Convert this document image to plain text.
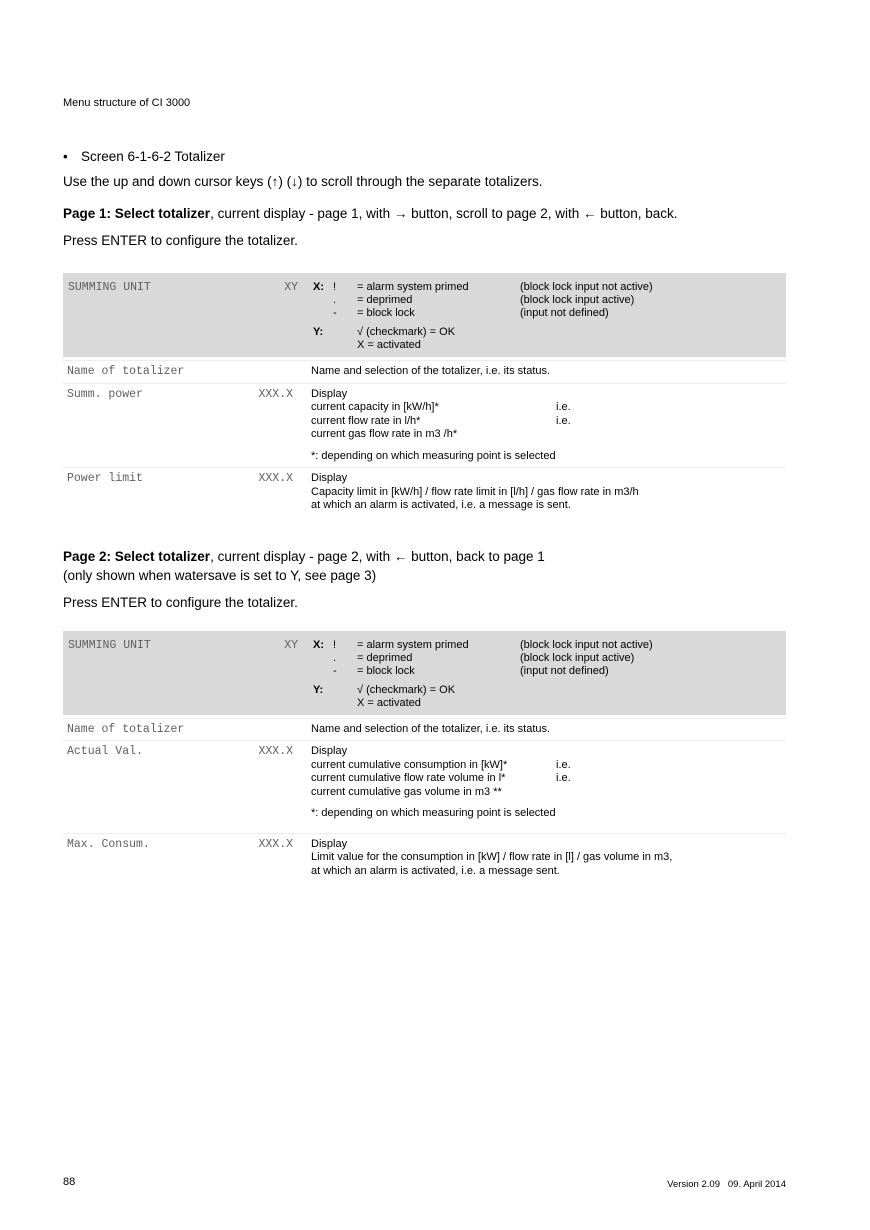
Menu structure of CI 3000
• Screen 6-1-6-2 Totalizer

Use the up and down cursor keys (↑) (↓) to scroll through the separate totalizers.

Page 1: Select totalizer, current display - page 1, with → button, scroll to page 2, with ← button, back.

Press ENTER to configure the totalizer.

SUMMING UNIT	XY X: !	= alarm system primed	(block lock input not active)
.	= deprimed	(block lock input active)
-	= block lock	(input not defined)
Y:	√ (checkmark) = OK
X = activated
Name of totalizer	Name and selection of the totalizer, i.e. its status.
Summ. power	XXX.X Display
current capacity in [kW/h]*	i.e.
current flow rate in l/h*	i.e.
current gas flow rate in m3 /h*
*: depending on which measuring point is selected
Power limit	XXX.X Display
Capacity limit in [kW/h] / flow rate limit in [l/h] / gas flow rate in m3/h
at which an alarm is activated, i.e. a message is sent.

Page 2: Select totalizer, current display - page 2, with ← button, back to page 1
(only shown when watersave is set to Y, see page 3)

Press ENTER to configure the totalizer.

SUMMING UNIT	XY X: !	= alarm system primed	(block lock input not active)
.	= deprimed	(block lock input active)
-	= block lock	(input not defined)
Y:	√ (checkmark) = OK
X = activated
Name of totalizer	Name and selection of the totalizer, i.e. its status.
Actual Val.	XXX.X Display
current cumulative consumption in [kW]*	i.e.
current cumulative flow rate volume in l*	i.e.
current cumulative gas volume in m3 **
*: depending on which measuring point is selected
Max. Consum.	XXX.X Display
Limit value for the consumption in [kW] / flow rate in [l] / gas volume in m3,
at which an alarm is activated, i.e. a message sent.
88	Version 2.09   09. April 2014
